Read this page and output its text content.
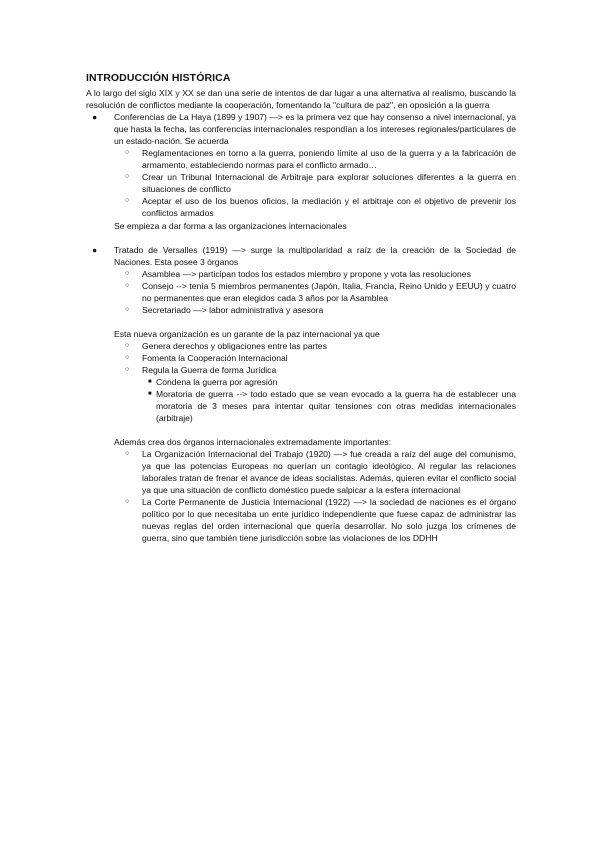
INTRODUCCIÓN HISTÓRICA

A lo largo del siglo XIX y XX se dan una serie de intentos de dar lugar a una alternativa al realismo, buscando la resolución de conflictos mediante la cooperación, fomentando la "cultura de paz", en oposición a la guerra

● Conferencias de La Haya (1899 y 1907) —> es la primera vez que hay consenso a nivel internacional, ya que hasta la fecha, las conferencias internacionales respondían a los intereses regionales/particulares de un estado-nación. Se acuerda

○ Reglamentaciones en torno a la guerra, poniendo límite al uso de la guerra y a la fabricación de armamento, estableciendo normas para el conflicto armado…

○ Crear un Tribunal Internacional de Arbitraje para explorar soluciones diferentes a la guerra en situaciones de conflicto

○ Aceptar el uso de los buenos oficios, la mediación y el arbitraje con el objetivo de prevenir los conflictos armados

Se empieza a dar forma a las organizaciones internacionales

● Tratado de Versalles (1919) —> surge la multipolaridad a raíz de la creación de la Sociedad de Naciones. Esta posee 3 órganos

○ Asamblea —> participan todos los estados miembro y propone y vota las resoluciones

○ Consejo --> tenía 5 miembros permanentes (Japón, Italia, Francia, Reino Unido y EEUU) y cuatro no permanentes que eran elegidos cada 3 años por la Asamblea

○ Secretariado —> labor administrativa y asesora

Esta nueva organización es un garante de la paz internacional ya que

○ Genera derechos y obligaciones entre las partes

○ Fomenta la Cooperación Internacional

○ Regula la Guerra de forma Jurídica

■ Condena la guerra por agresión

■ Moratoria de guerra --> todo estado que se vean evocado a la guerra ha de establecer una moratoria de 3 meses para intentar quitar tensiones con otras medidas internacionales (arbitraje)

Además crea dos órganos internacionales extremadamente importantes:

○ La Organización Internacional del Trabajo (1920) —> fue creada a raíz del auge del comunismo, ya que las potencias Europeas no querían un contagio ideológico. Al regular las relaciones laborales tratan de frenar el avance de ideas socialistas. Además, quieren evitar el conflicto social ya que una situación de conflicto doméstico puede salpicar a la esfera internacional

○ La Corte Permanente de Justicia Internacional (1922) —> la sociedad de naciones es el órgano político por lo que necesitaba un ente jurídico independiente que fuese capaz de administrar las nuevas reglas del orden internacional que quería desarrollar. No solo juzga los crímenes de guerra, sino que también tiene jurisdicción sobre las violaciones de los DDHH
